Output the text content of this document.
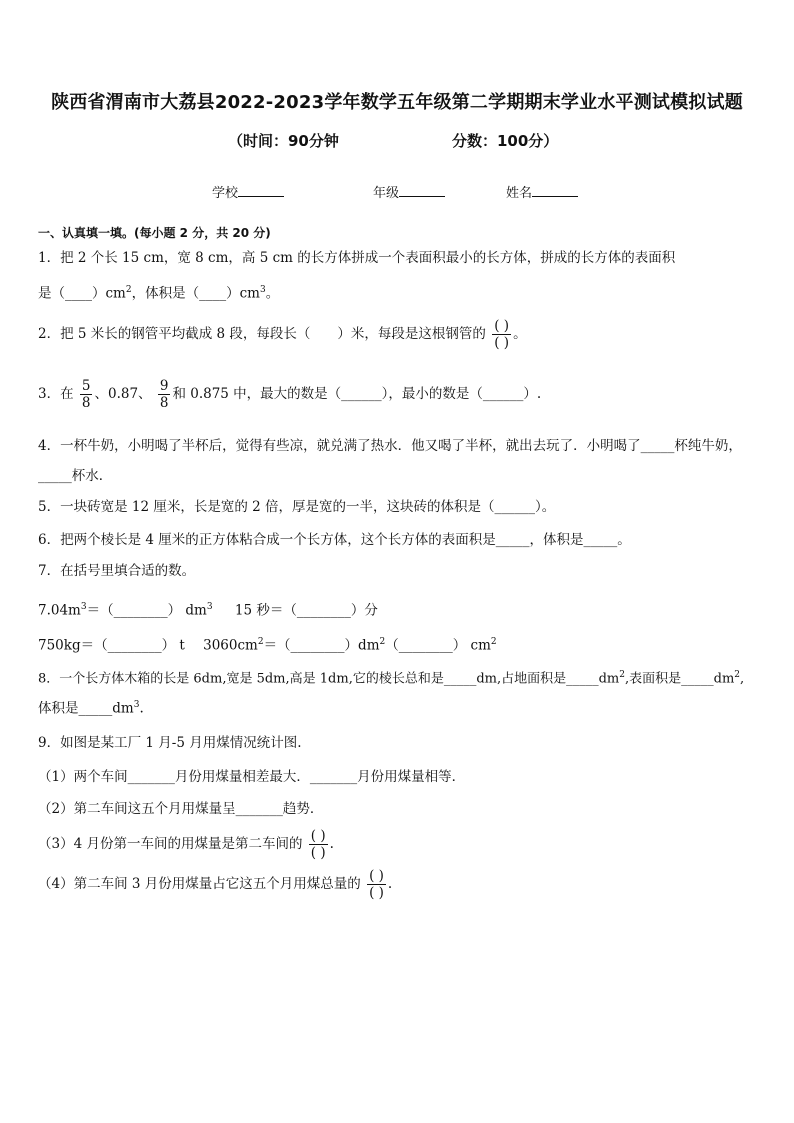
陕西省渭南市大荔县2022-2023学年数学五年级第二学期期末学业水平测试模拟试题
（时间：90分钟	分数：100分）
学校	年级	姓名
一、认真填一填。(每小题 2 分，共 20 分)
1．把 2 个长 15 cm，宽 8 cm，高 5 cm 的长方体拼成一个表面积最小的长方体，拼成的长方体的表面积
是$(\_\_\_\_)cm^2$，体积是$(\_\_\_\_)cm^3$。
2．把 5 米长的钢管平均截成 8 段，每段长（　　）米，每段是这根钢管的 $\frac{( )}{( )}$ 。
3．在 $\frac{5}{8}$ 、0.87、 $\frac{9}{8}$ 和 0.875 中，最大的数是（______），最小的数是（______）.
4．一杯牛奶，小明喝了半杯后，觉得有些凉，就兑满了热水．他又喝了半杯，就出去玩了．小明喝了_____杯纯牛奶，
_____杯水．
5．一块砖宽是 12 厘米，长是宽的 2 倍，厚是宽的一半，这块砖的体积是（______）。
6．把两个棱长是 4 厘米的正方体粘合成一个长方体，这个长方体的表面积是_____，体积是_____。
7．在括号里填合适的数。
$7.04m^3=(\_\_\_\_\_\_\_\_)$ $dm^3$ 15 秒＝（________）分
750kg＝（________） t $3060cm^2=(\_\_\_\_\_\_\_\_)dm^2(\_\_\_\_\_\_\_\_)$ $cm^2$
8．一个长方体木箱的长是 6dm,宽是 5dm,高是 1dm,它的棱长总和是_____dm,占地面积是$\_\_\_\_\_dm^2$,表面积是$\_\_\_\_\_dm^2$,
体积是$\_\_\_\_\_dm^3$.
9．如图是某工厂 1 月-5 月用煤情况统计图.
（1）两个车间_______月份用煤量相差最大．_______月份用煤量相等．
（2）第二车间这五个月用煤量呈_______趋势．
（3）4 月份第一车间的用煤量是第二车间的 $\frac{( )}{( )}$ .
（4）第二车间 3 月份用煤量占它这五个月用煤总量的 $\frac{( )}{( )}$ .
